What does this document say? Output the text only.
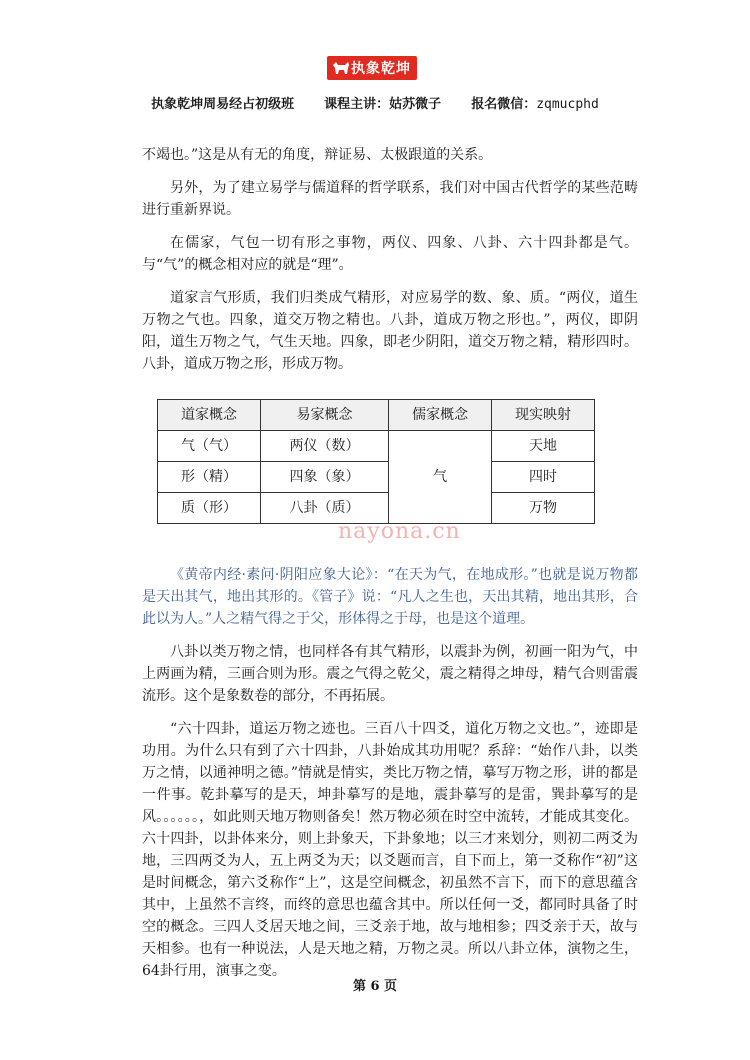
执象乾坤
执象乾坤周易经占初级班 课程主讲：姑苏微子 报名微信：zqmucphd

不竭也。”这是从有无的角度，辩证易、太极跟道的关系。

另外，为了建立易学与儒道释的哲学联系，我们对中国古代哲学的某些范畴进行重新界说。

在儒家，气包一切有形之事物，两仪、四象、八卦、六十四卦都是气。与“气”的概念相对应的就是“理”。

道家言气形质，我们归类成气精形，对应易学的数、象、质。“两仪，道生万物之气也。四象，道交万物之精也。八卦，道成万物之形也。”，两仪，即阴阳，道生万物之气，气生天地。四象，即老少阴阳，道交万物之精，精形四时。八卦，道成万物之形，形成万物。

道家概念	易家概念	儒家概念	现实映射
气（气）	两仪（数）	气	天地
形（精）	四象（象）		四时
质（形）	八卦（质）		万物

《黄帝内经·素问·阴阳应象大论》：“在天为气，在地成形。”也就是说万物都是天出其气，地出其形的。《管子》说：“凡人之生也，天出其精，地出其形，合此以为人。”人之精气得之于父，形体得之于母，也是这个道理。

八卦以类万物之情，也同样各有其气精形，以震卦为例，初画一阳为气，中上两画为精，三画合则为形。震之气得之乾父，震之精得之坤母，精气合则雷震流形。这个是象数卷的部分，不再拓展。

“六十四卦，道运万物之迹也。三百八十四爻，道化万物之文也。”，迹即是功用。为什么只有到了六十四卦，八卦始成其功用呢？系辞：“始作八卦，以类万之情，以通神明之德。”情就是情实，类比万物之情，摹写万物之形，讲的都是一件事。乾卦摹写的是天，坤卦摹写的是地，震卦摹写的是雷，巽卦摹写的是风。。。。。。，如此则天地万物则备矣！然万物必须在时空中流转，才能成其变化。六十四卦，以卦体来分，则上卦象天，下卦象地；以三才来划分，则初二两爻为地，三四两爻为人，五上两爻为天；以爻题而言，自下而上，第一爻称作“初”这是时间概念，第六爻称作“上”，这是空间概念，初虽然不言下，而下的意思蕴含其中，上虽然不言终，而终的意思也蕴含其中。所以任何一爻，都同时具备了时空的概念。三四人爻居天地之间，三爻亲于地，故与地相参；四爻亲于天，故与天相参。也有一种说法，人是天地之精，万物之灵。所以八卦立体，演物之生，64卦行用，演事之变。

nayona.cn
第 6 页
